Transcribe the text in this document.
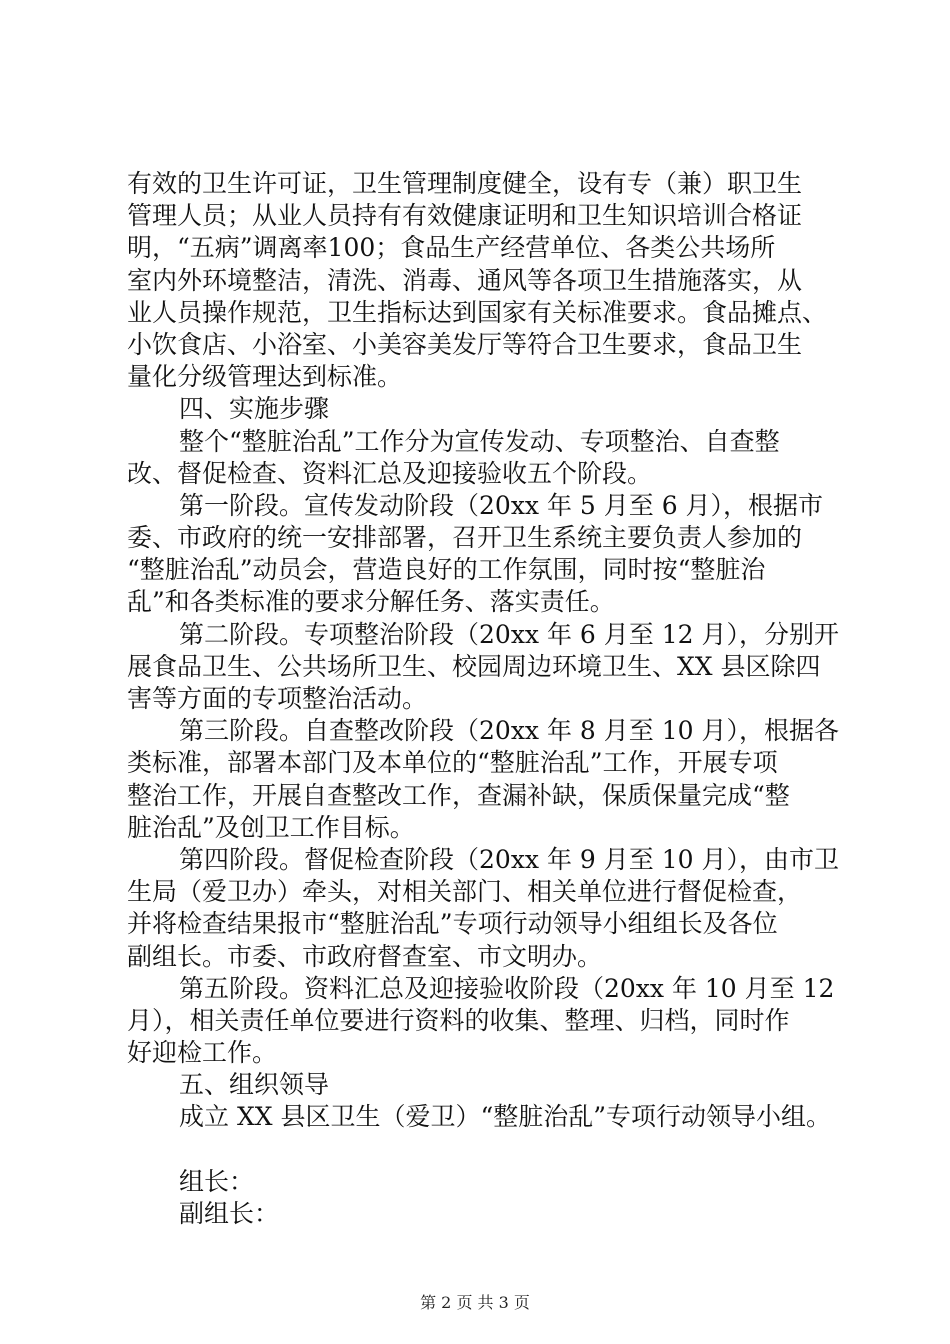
有效的卫生许可证，卫生管理制度健全，设有专（兼）职卫生
管理人员；从业人员持有有效健康证明和卫生知识培训合格证
明，“五病”调离率100；食品生产经营单位、各类公共场所
室内外环境整洁，清洗、消毒、通风等各项卫生措施落实，从
业人员操作规范，卫生指标达到国家有关标准要求。食品摊点、
小饮食店、小浴室、小美容美发厅等符合卫生要求，食品卫生
量化分级管理达到标准。
四、实施步骤
整个“整脏治乱”工作分为宣传发动、专项整治、自查整
改、督促检查、资料汇总及迎接验收五个阶段。
第一阶段。宣传发动阶段（20xx 年 5 月至 6 月），根据市
委、市政府的统一安排部署，召开卫生系统主要负责人参加的
“整脏治乱”动员会，营造良好的工作氛围，同时按“整脏治
乱”和各类标准的要求分解任务、落实责任。
第二阶段。专项整治阶段（20xx 年 6 月至 12 月），分别开
展食品卫生、公共场所卫生、校园周边环境卫生、XX 县区除四
害等方面的专项整治活动。
第三阶段。自查整改阶段（20xx 年 8 月至 10 月），根据各
类标准，部署本部门及本单位的“整脏治乱”工作，开展专项
整治工作，开展自查整改工作，查漏补缺，保质保量完成“整
脏治乱”及创卫工作目标。
第四阶段。督促检查阶段（20xx 年 9 月至 10 月），由市卫
生局（爱卫办）牵头，对相关部门、相关单位进行督促检查，
并将检查结果报市“整脏治乱”专项行动领导小组组长及各位
副组长。市委、市政府督查室、市文明办。
第五阶段。资料汇总及迎接验收阶段（20xx 年 10 月至 12
月），相关责任单位要进行资料的收集、整理、归档，同时作
好迎检工作。
五、组织领导
成立 XX 县区卫生（爱卫）“整脏治乱”专项行动领导小组。
组长：
副组长：
第 2 页 共 3 页
